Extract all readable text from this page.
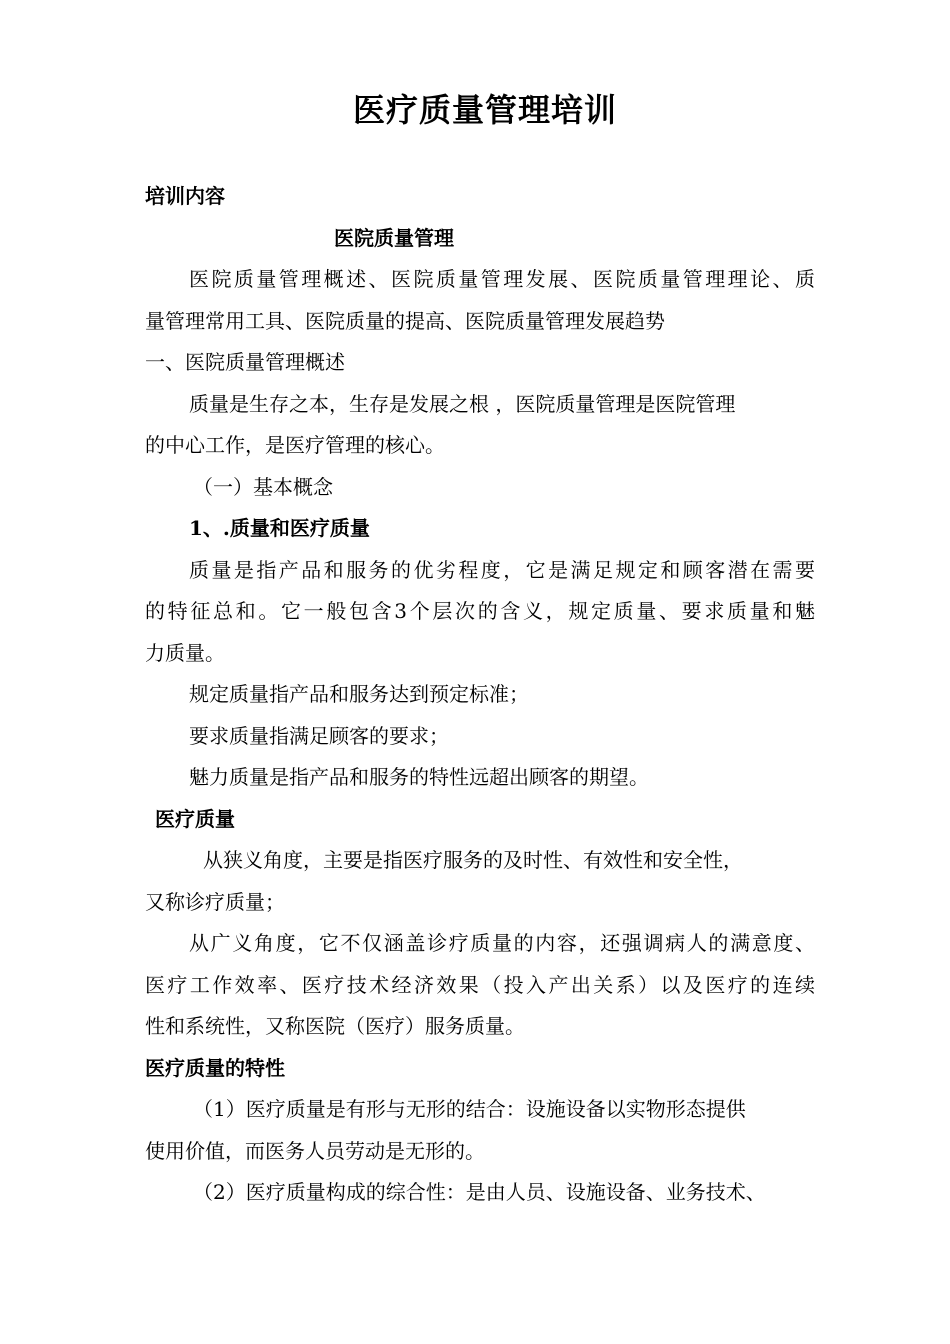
医疗质量管理培训
培训内容
医院质量管理
医院质量管理概述、医院质量管理发展、医院质量管理理论、质
量管理常用工具、医院质量的提高、医院质量管理发展趋势
一、医院质量管理概述
质量是生存之本，生存是发展之根 ，医院质量管理是医院管理
的中心工作，是医疗管理的核心。
（一）基本概念
1、.质量和医疗质量
质量是指产品和服务的优劣程度，它是满足规定和顾客潜在需要
的特征总和。它一般包含3个层次的含义，规定质量、要求质量和魅
力质量。
规定质量指产品和服务达到预定标准；
要求质量指满足顾客的要求；
魅力质量是指产品和服务的特性远超出顾客的期望。
医疗质量
从狭义角度，主要是指医疗服务的及时性、有效性和安全性，
又称诊疗质量；
从广义角度，它不仅涵盖诊疗质量的内容，还强调病人的满意度、
医疗工作效率、医疗技术经济效果（投入产出关系）以及医疗的连续
性和系统性，又称医院（医疗）服务质量。
医疗质量的特性
（1）医疗质量是有形与无形的结合：设施设备以实物形态提供
使用价值，而医务人员劳动是无形的。
（2）医疗质量构成的综合性：是由人员、设施设备、业务技术、
